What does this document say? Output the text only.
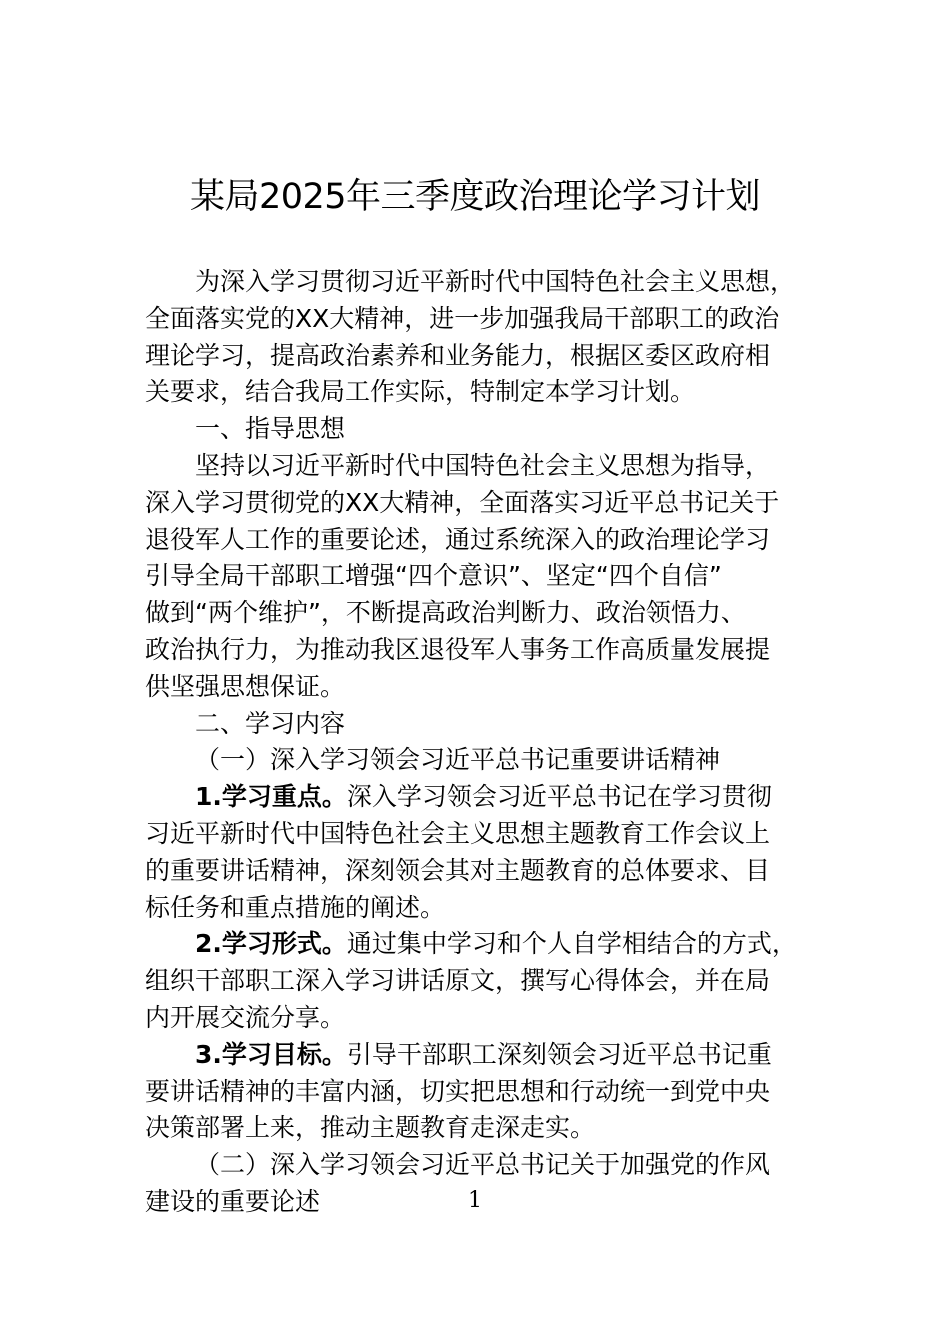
某局2025年三季度政治理论学习计划
为深入学习贯彻习近平新时代中国特色社会主义思想，
全面落实党的XX大精神，进一步加强我局干部职工的政治
理论学习，提高政治素养和业务能力，根据区委区政府相
关要求，结合我局工作实际，特制定本学习计划。
一、指导思想
坚持以习近平新时代中国特色社会主义思想为指导，
深入学习贯彻党的XX大精神，全面落实习近平总书记关于
退役军人工作的重要论述，通过系统深入的政治理论学习
引导全局干部职工增强“四个意识”、坚定“四个自信”
做到“两个维护”，不断提高政治判断力、政治领悟力、
政治执行力，为推动我区退役军人事务工作高质量发展提
供坚强思想保证。
二、学习内容
（一）深入学习领会习近平总书记重要讲话精神
1.学习重点。深入学习领会习近平总书记在学习贯彻
习近平新时代中国特色社会主义思想主题教育工作会议上
的重要讲话精神，深刻领会其对主题教育的总体要求、目
标任务和重点措施的阐述。
2.学习形式。通过集中学习和个人自学相结合的方式，
组织干部职工深入学习讲话原文，撰写心得体会，并在局
内开展交流分享。
3.学习目标。引导干部职工深刻领会习近平总书记重
要讲话精神的丰富内涵，切实把思想和行动统一到党中央
决策部署上来，推动主题教育走深走实。
（二）深入学习领会习近平总书记关于加强党的作风
建设的重要论述	1
